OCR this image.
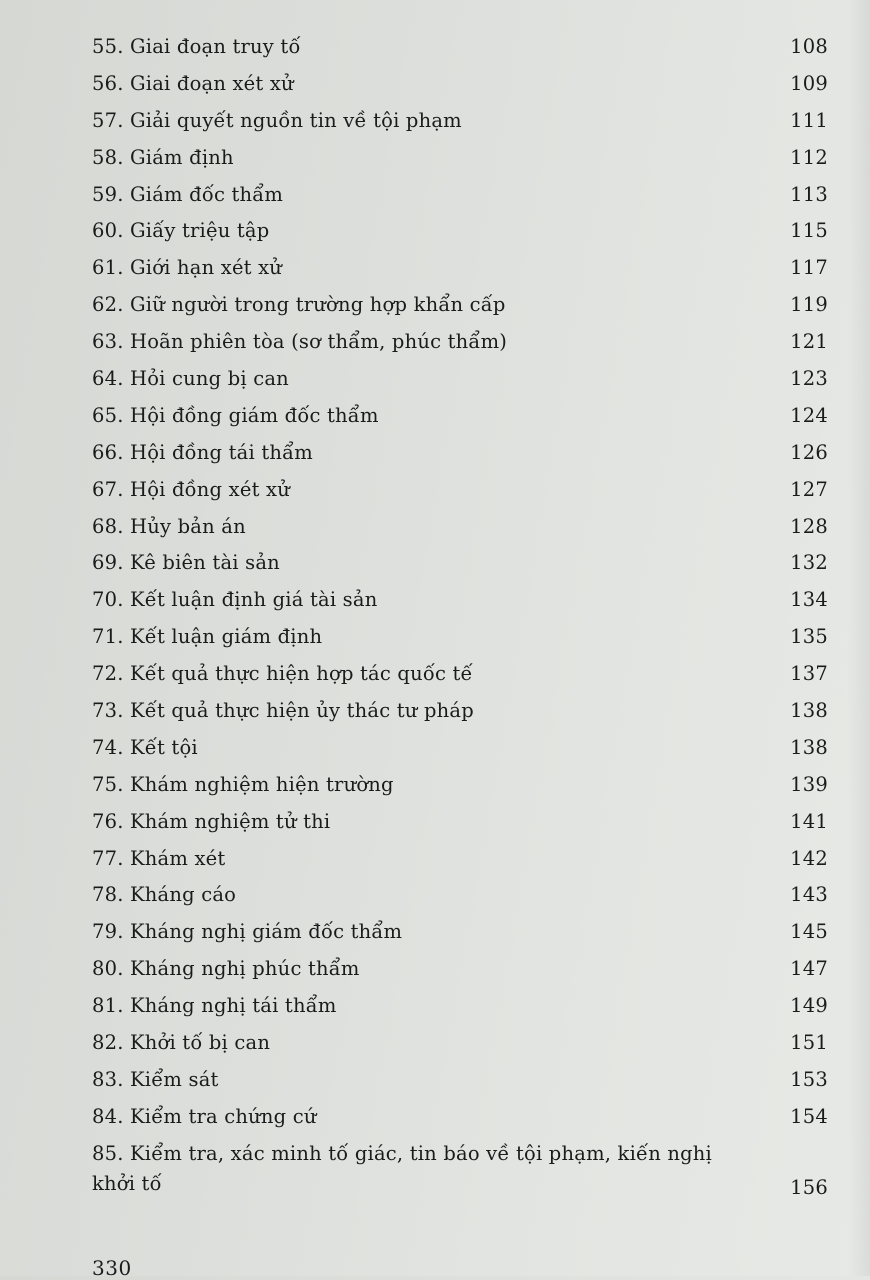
55. Giai đoạn truy tố	108
56. Giai đoạn xét xử	109
57. Giải quyết nguồn tin về tội phạm	111
58. Giám định	112
59. Giám đốc thẩm	113
60. Giấy triệu tập	115
61. Giới hạn xét xử	117
62. Giữ người trong trường hợp khẩn cấp	119
63. Hoãn phiên tòa (sơ thẩm, phúc thẩm)	121
64. Hỏi cung bị can	123
65. Hội đồng giám đốc thẩm	124
66. Hội đồng tái thẩm	126
67. Hội đồng xét xử	127
68. Hủy bản án	128
69. Kê biên tài sản	132
70. Kết luận định giá tài sản	134
71. Kết luận giám định	135
72. Kết quả thực hiện hợp tác quốc tế	137
73. Kết quả thực hiện ủy thác tư pháp	138
74. Kết tội	138
75. Khám nghiệm hiện trường	139
76. Khám nghiệm tử thi	141
77. Khám xét	142
78. Kháng cáo	143
79. Kháng nghị giám đốc thẩm	145
80. Kháng nghị phúc thẩm	147
81. Kháng nghị tái thẩm	149
82. Khởi tố bị can	151
83. Kiểm sát	153
84. Kiểm tra chứng cứ	154
85. Kiểm tra, xác minh tố giác, tin báo về tội phạm, kiến nghị khởi tố	156
330
